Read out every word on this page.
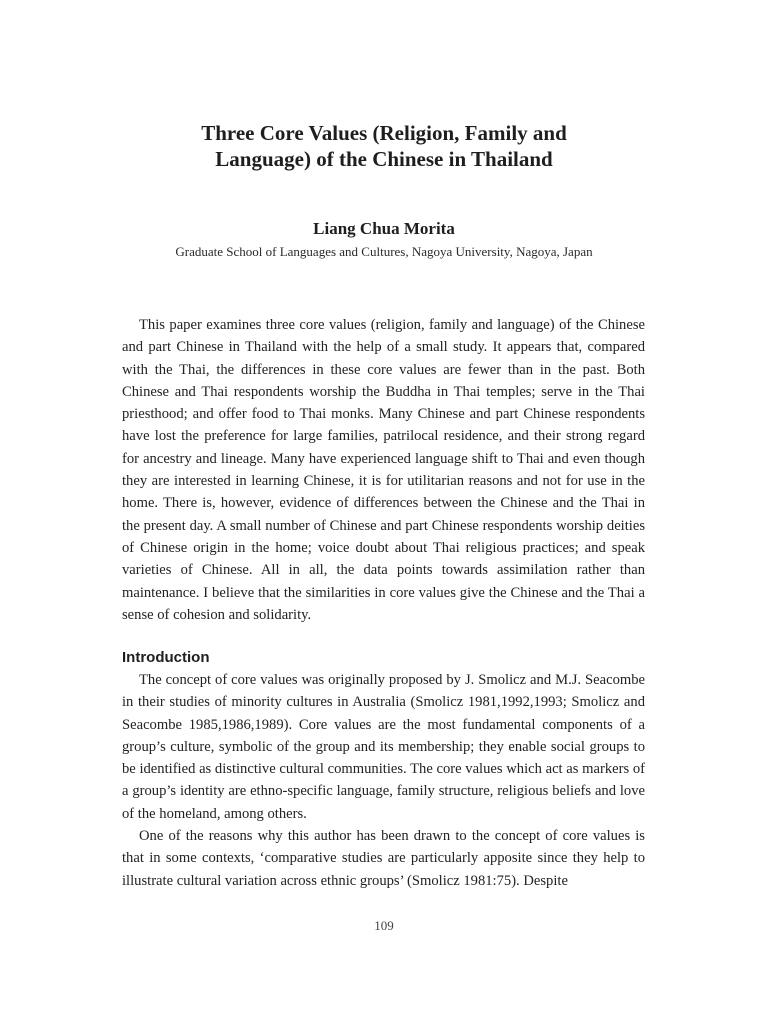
Three Core Values (Religion, Family and
Language) of the Chinese in Thailand
Liang Chua Morita
Graduate School of Languages and Cultures, Nagoya University, Nagoya, Japan

This paper examines three core values (religion, family and language) of the Chinese and part Chinese in Thailand with the help of a small study. It appears that, compared with the Thai, the differences in these core values are fewer than in the past. Both Chinese and Thai respondents worship the Buddha in Thai temples; serve in the Thai priesthood; and offer food to Thai monks. Many Chinese and part Chinese respondents have lost the preference for large families, patrilocal residence, and their strong regard for ancestry and lineage. Many have experienced language shift to Thai and even though they are interested in learning Chinese, it is for utilitarian reasons and not for use in the home. There is, however, evidence of differences between the Chinese and the Thai in the present day. A small number of Chinese and part Chinese respondents worship deities of Chinese origin in the home; voice doubt about Thai religious practices; and speak varieties of Chinese. All in all, the data points towards assimilation rather than maintenance. I believe that the similarities in core values give the Chinese and the Thai a sense of cohesion and solidarity.

Introduction

The concept of core values was originally proposed by J. Smolicz and M.J. Seacombe in their studies of minority cultures in Australia (Smolicz 1981,1992,1993; Smolicz and Seacombe 1985,1986,1989). Core values are the most fundamental components of a group’s culture, symbolic of the group and its membership; they enable social groups to be identified as distinctive cultural communities. The core values which act as markers of a group’s identity are ethno-specific language, family structure, religious beliefs and love of the homeland, among others.

One of the reasons why this author has been drawn to the concept of core values is that in some contexts, ‘comparative studies are particularly apposite since they help to illustrate cultural variation across ethnic groups’ (Smolicz 1981:75). Despite

109
